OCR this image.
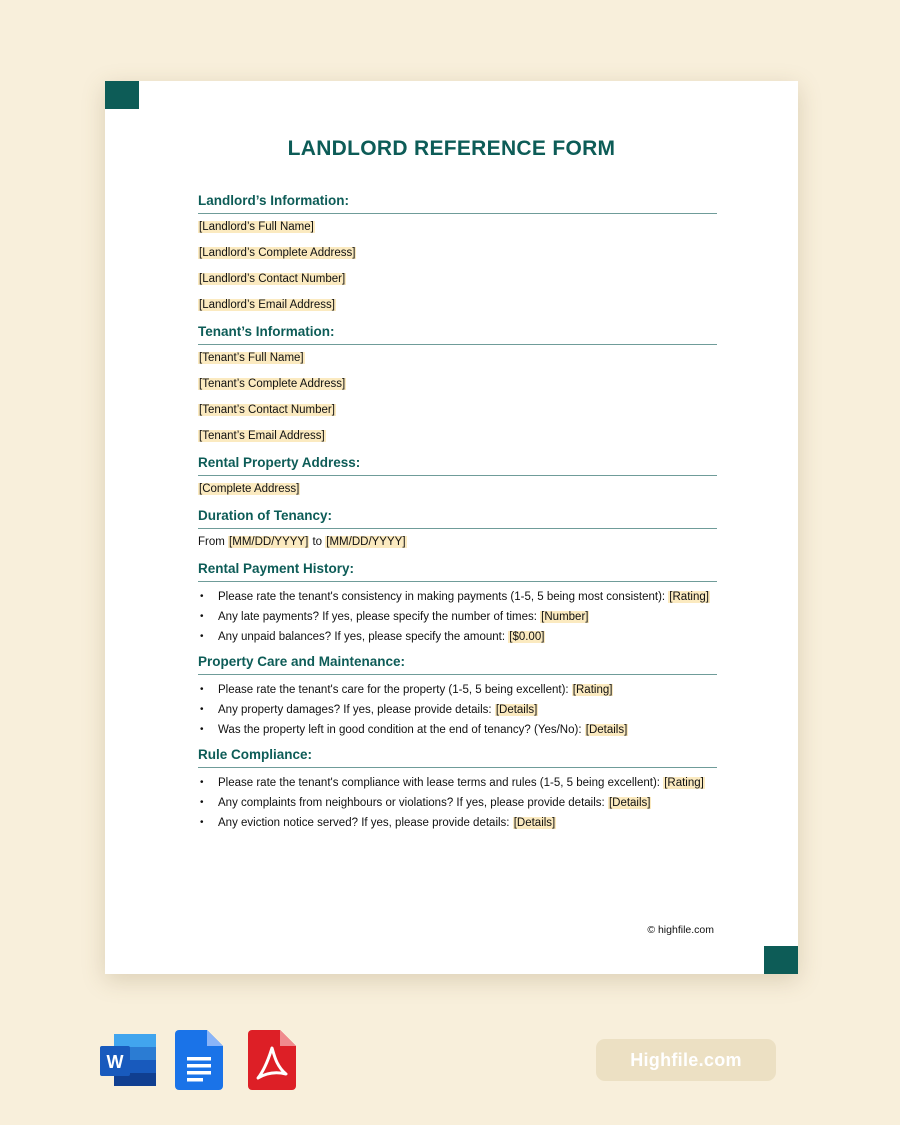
LANDLORD REFERENCE FORM
Landlord’s Information:
[Landlord’s Full Name]
[Landlord’s Complete Address]
[Landlord’s Contact Number]
[Landlord’s Email Address]
Tenant’s Information:
[Tenant’s Full Name]
[Tenant’s Complete Address]
[Tenant’s Contact Number]
[Tenant’s Email Address]
Rental Property Address:
[Complete Address]
Duration of Tenancy:
From [MM/DD/YYYY] to [MM/DD/YYYY]
Rental Payment History:
• Please rate the tenant's consistency in making payments (1-5, 5 being most consistent): [Rating]
• Any late payments? If yes, please specify the number of times: [Number]
• Any unpaid balances? If yes, please specify the amount: [$0.00]
Property Care and Maintenance:
• Please rate the tenant's care for the property (1-5, 5 being excellent): [Rating]
• Any property damages? If yes, please provide details: [Details]
• Was the property left in good condition at the end of tenancy? (Yes/No): [Details]
Rule Compliance:
• Please rate the tenant's compliance with lease terms and rules (1-5, 5 being excellent): [Rating]
• Any complaints from neighbours or violations? If yes, please provide details: [Details]
• Any eviction notice served? If yes, please provide details: [Details]
© highfile.com
W	Highfile.com
